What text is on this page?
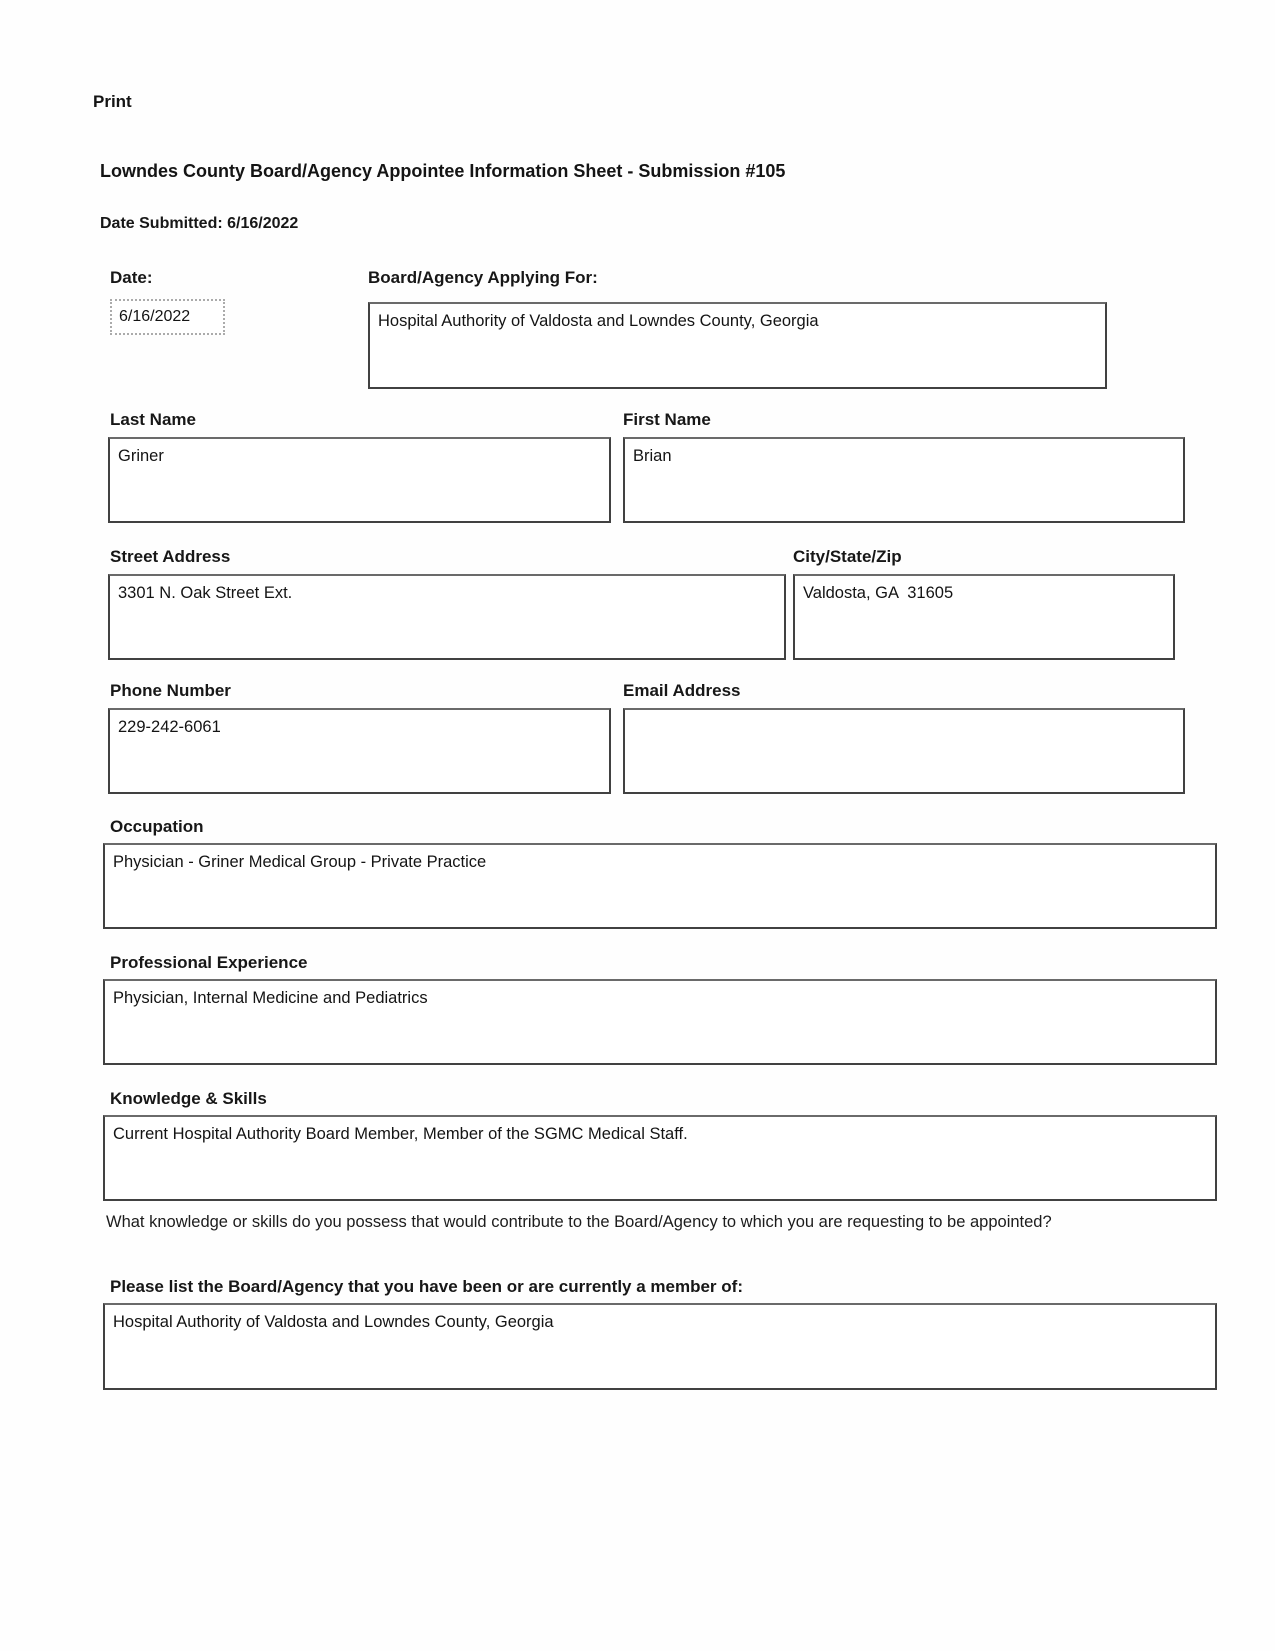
Print
Lowndes County Board/Agency Appointee Information Sheet - Submission #105
Date Submitted: 6/16/2022
Date:
6/16/2022
Board/Agency Applying For:
Hospital Authority of Valdosta and Lowndes County, Georgia
Last Name
Griner
First Name
Brian
Street Address
3301 N. Oak Street Ext.
City/State/Zip
Valdosta, GA  31605
Phone Number
229-242-6061
Email Address
Occupation
Physician - Griner Medical Group - Private Practice
Professional Experience
Physician, Internal Medicine and Pediatrics
Knowledge & Skills
Current Hospital Authority Board Member, Member of the SGMC Medical Staff.
What knowledge or skills do you possess that would contribute to the Board/Agency to which you are requesting to be appointed?
Please list the Board/Agency that you have been or are currently a member of:
Hospital Authority of Valdosta and Lowndes County, Georgia
